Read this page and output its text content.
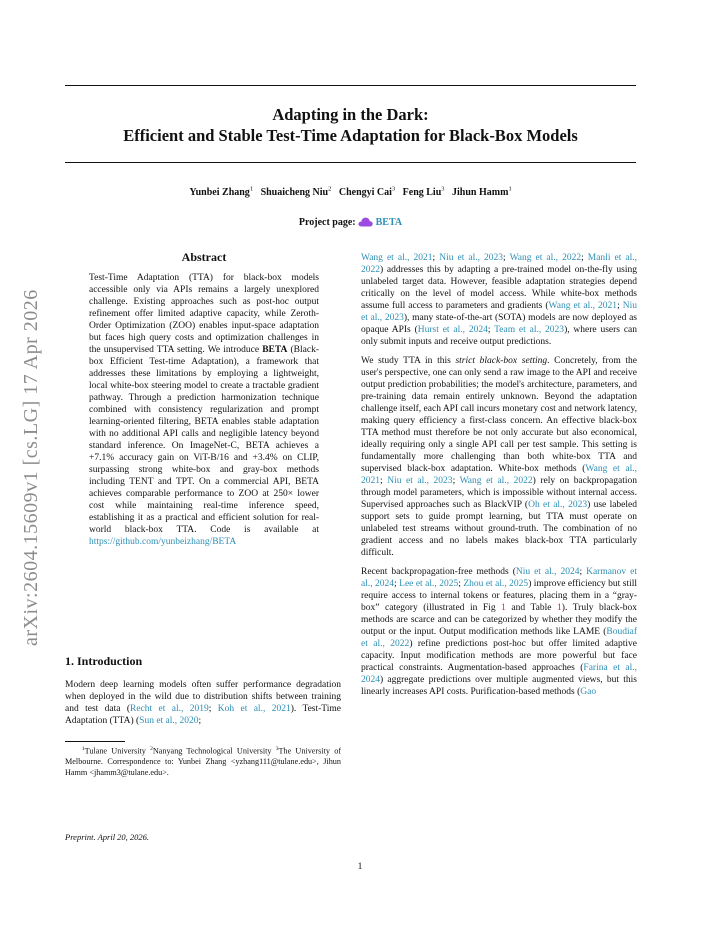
Adapting in the Dark:
Efficient and Stable Test-Time Adaptation for Black-Box Models
Yunbei Zhang$^1$ Shuaicheng Niu$^2$ Chengyi Cai$^3$ Feng Liu$^3$ Jihun Hamm$^1$
Project page:  BETA
arXiv:2604.15609v1 [cs.LG] 17 Apr 2026
Abstract
Test-Time Adaptation (TTA) for black-box models accessible only via APIs remains a largely unexplored challenge. Existing approaches such as post-hoc output refinement offer limited adaptive capacity, while Zeroth-Order Optimization (ZOO) enables input-space adaptation but faces high query costs and optimization challenges in the unsupervised TTA setting. We introduce BETA (Black-box Efficient Test-time Adaptation), a framework that addresses these limitations by employing a lightweight, local white-box steering model to create a tractable gradient pathway. Through a prediction harmonization technique combined with consistency regularization and prompt learning-oriented filtering, BETA enables stable adaptation with no additional API calls and negligible latency beyond standard inference. On ImageNet-C, BETA achieves a +7.1% accuracy gain on ViT-B/16 and +3.4% on CLIP, surpassing strong white-box and gray-box methods including TENT and TPT. On a commercial API, BETA achieves comparable performance to ZOO at 250× lower cost while maintaining real-time inference speed, establishing it as a practical and efficient solution for real-world black-box TTA. Code is available at https://github.com/yunbeizhang/BETA
1. Introduction
Modern deep learning models often suffer performance degradation when deployed in the wild due to distribution shifts between training and test data (Recht et al., 2019; Koh et al., 2021). Test-Time Adaptation (TTA) (Sun et al., 2020;
$^1$Tulane University $^2$Nanyang Technological University $^3$The University of Melbourne. Correspondence to: Yunbei Zhang <yzhang111@tulane.edu>, Jihun Hamm <jhamm3@tulane.edu>.
Preprint. April 20, 2026.

Wang et al., 2021; Niu et al., 2023; Wang et al., 2022; Manli et al., 2022) addresses this by adapting a pre-trained model on-the-fly using unlabeled target data. However, feasible adaptation strategies depend critically on the level of model access. While white-box methods assume full access to parameters and gradients (Wang et al., 2021; Niu et al., 2023), many state-of-the-art (SOTA) models are now deployed as opaque APIs (Hurst et al., 2024; Team et al., 2023), where users can only submit inputs and receive output predictions.

We study TTA in this strict black-box setting. Concretely, from the user's perspective, one can only send a raw image to the API and receive output prediction probabilities; the model's architecture, parameters, and pre-training data remain entirely unknown. Beyond the adaptation challenge itself, each API call incurs monetary cost and network latency, making query efficiency a first-class concern. An effective black-box TTA method must therefore be not only accurate but also economical, ideally requiring only a single API call per test sample. This setting is fundamentally more challenging than both white-box TTA and supervised black-box adaptation. White-box methods (Wang et al., 2021; Niu et al., 2023; Wang et al., 2022) rely on backpropagation through model parameters, which is impossible without internal access. Supervised approaches such as BlackVIP (Oh et al., 2023) use labeled support sets to guide prompt learning, but TTA must operate on unlabeled test streams without ground-truth. The combination of no gradient access and no labels makes black-box TTA particularly difficult.

Recent backpropagation-free methods (Niu et al., 2024; Karmanov et al., 2024; Lee et al., 2025; Zhou et al., 2025) improve efficiency but still require access to internal tokens or features, placing them in a “gray-box” category (illustrated in Fig 1 and Table 1). Truly black-box methods are scarce and can be categorized by whether they modify the output or the input. Output modification methods like LAME (Boudiaf et al., 2022) refine predictions post-hoc but offer limited adaptive capacity. Input modification methods are more powerful but face practical constraints. Augmentation-based approaches (Farina et al., 2024) aggregate predictions over multiple augmented views, but this linearly increases API costs. Purification-based methods (Gao

1
